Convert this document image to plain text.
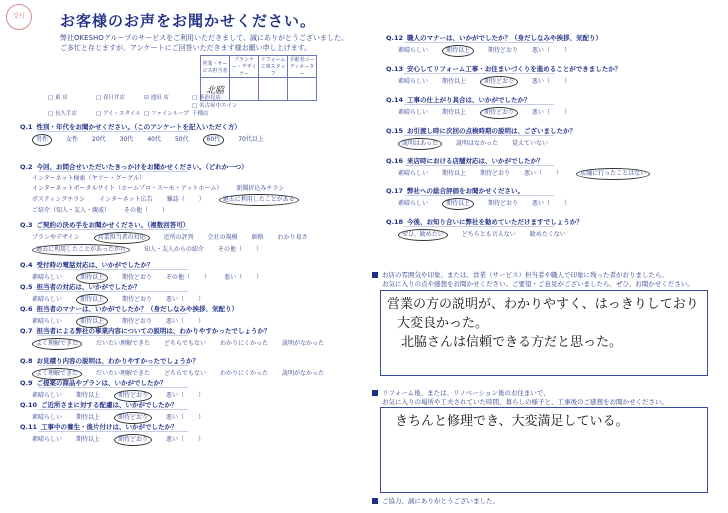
受付	お客様のお声をお聞かせください。
弊社OKESHOグループのサービスをご利用いただきまして、誠にありがとうございました。
ご多忙と存じますが、アンケートにご回答いただきます様お願い申し上げます。
営業・サービス担当者	プランナー・デザイナー	リフォーム工事スタッフ	手配者コーディネーター
北脇			
□ 東 店	□ 春日井店	☑ 池田 店	□ 多治見店
□ 長久手店	□ アイ・スタイル □ ファインループ□ 名古屋中エイン千種店
Q.1 性別・年代をお聞かせください。（このアンケートを記入いただく方）
男性	女性 20代 30代 40代 50代	60代	70代以上
Q.2 今回、お問合せいただいたきっかけをお聞かせください。（どれか一つ）
インターネット検索（ヤフー・グーグル）インターネットポータルサイト（ホームプロ・スーモ・アットホーム） 新聞折込みチラシポスティングチラシ インターネット広告 雑誌（ ）	過去に利用したことがあるご紹介（知人・友人・親戚） その他（ ）
Q.3 ご契約の決め手をお聞かせください。（複数回答可）
プランやデザイン	営業担当者の対応	近所の評判 会社の規模 価格 わかり易さ過去に利用したことがあったから	知人・友人からの紹介 その他（ ）
Q.4 受付時の電話対応は、いかがでしたか？
素晴らしい	期待以上	期待どおり その他（ ） 悪い（ ）
Q.5 担当者の対応は、いかがでしたか？
素晴らしい	期待以上	期待どおり 悪い（ ）
Q.6 担当者のマナーは、いかがでしたか？（身だしなみや挨拶、気配り）
素晴らしい	期待以上	期待どおり 悪い（ ）
Q.7 担当者による弊社の事業内容についての説明は、わかりやすかったでしょうか？
よく理解できた	だいたい理解できた どちらでもない わかりにくかった 説明がなかった
Q.8 お見積り内容の説明は、わかりやすかったでしょうか？
よく理解できた	だいたい理解できた どちらでもない わかりにくかった 説明がなかった
Q.9 ご提案の商品やプランは、いかがでしたか？
素晴らしい 期待以上	期待どおり	悪い（ ）
Q.10 ご近所さまに対する配慮は、いかがでしたか？
素晴らしい 期待以上	期待どおり	悪い（ ）
Q.11 工事中の養生・後片付けは、いかがでしたか？
素晴らしい 期待以上	期待どおり	悪い（ ）
Q.12 職人のマナーは、いかがでしたか？（身だしなみや挨拶、気配り）
素晴らしい	期待以上	期待どおり 悪い（ ）
Q.13 安心してリフォーム工事・お住まいづくりを進めることができましたか？
素晴らしい 期待以上	期待どおり	悪い（ ）
Q.14 工事の仕上がり具合は、いかがでしたか？
素晴らしい 期待以上	期待どおり	悪い（ ）
Q.15 お引渡し時に次回の点検時期の説明は、ございましたか？
説明はあった	説明はなかった 覚えていない
Q.16 来店時における店舗対応は、いかがでしたか？
素晴らしい 期待以上 期待どおり 悪い（ ）	店舗に行ったことはない
Q.17 弊社への総合評価をお聞かせください。
素晴らしい	期待以上	期待どおり 悪い（ ）
Q.18 今後、お知り合いに弊社を勧めていただけますでしょうか？
ぜひ、勧めたい	どちらとも言えない 勧めたくない
お店の雰囲気や印象、または、営業（サービス）担当者や職人で印象に残った者がおりましたら、
お気に入りの点や感想をお聞かせください。ご要望・ご意見がございましたら、ぜひ、お聞かせください。
営業の方の説明が、わかりやすく、はっきりしており
大変良かった。
北脇さんは信頼できる方だと思った。
リフォーム後、または、リノベーション後のお住まいで、
お気に入りの場所や工夫されていた時間、暮らしの様子と、工事後のご感想をお聞かせください。
きちんと修理でき、大変満足している。
ご協力、誠にありがとうございました。
